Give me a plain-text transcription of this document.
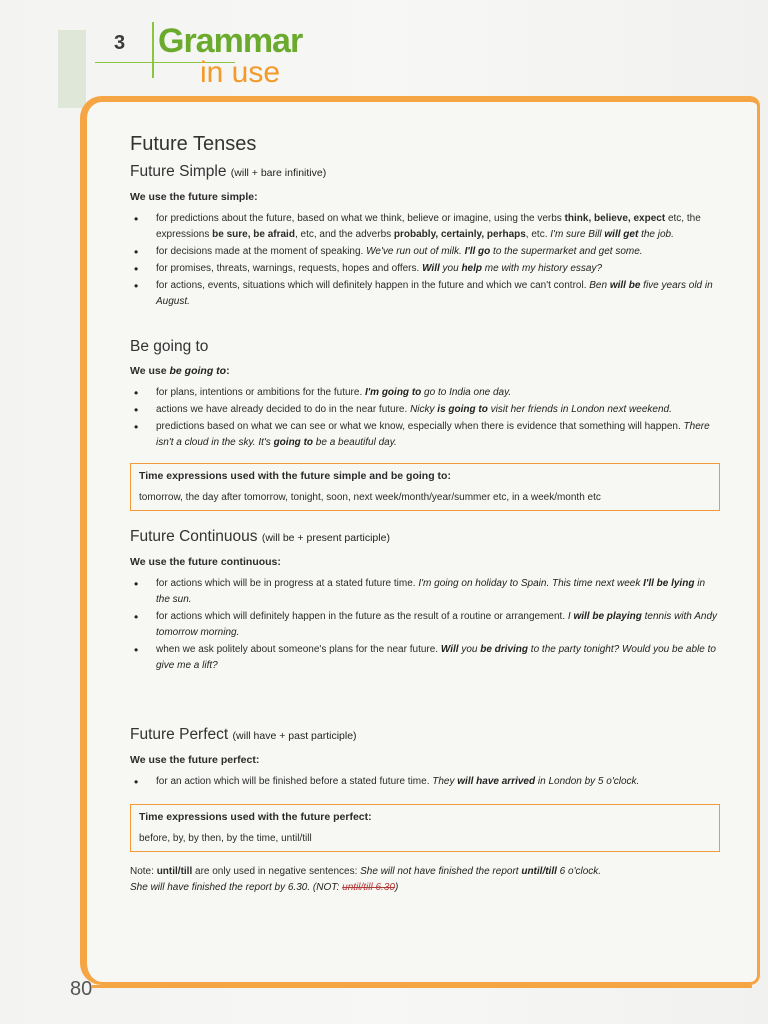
3 Grammar
in use
Future Tenses
Future Simple (will + bare infinitive)
We use the future simple:
• for predictions about the future, based on what we think, believe or imagine, using the verbs think, believe, expect etc, the expressions be sure, be afraid, etc, and the adverbs probably, certainly, perhaps, etc. I'm sure Bill will get the job.
• for decisions made at the moment of speaking. We've run out of milk. I'll go to the supermarket and get some.
• for promises, threats, warnings, requests, hopes and offers. Will you help me with my history essay?
• for actions, events, situations which will definitely happen in the future and which we can't control. Ben will be five years old in August.
Be going to
We use be going to:
• for plans, intentions or ambitions for the future. I'm going to go to India one day.
• actions we have already decided to do in the near future. Nicky is going to visit her friends in London next weekend.
• predictions based on what we can see or what we know, especially when there is evidence that something will happen. There isn't a cloud in the sky. It's going to be a beautiful day.
Time expressions used with the future simple and be going to:
tomorrow, the day after tomorrow, tonight, soon, next week/month/year/summer etc, in a week/month etc
Future Continuous (will be + present participle)
We use the future continuous:
• for actions which will be in progress at a stated future time. I'm going on holiday to Spain. This time next week I'll be lying in the sun.
• for actions which will definitely happen in the future as the result of a routine or arrangement. I will be playing tennis with Andy tomorrow morning.
• when we ask politely about someone's plans for the near future. Will you be driving to the party tonight? Would you be able to give me a lift?
Future Perfect (will have + past participle)
We use the future perfect:
• for an action which will be finished before a stated future time. They will have arrived in London by 5 o'clock.
Time expressions used with the future perfect:
before, by, by then, by the time, until/till
Note: until/till are only used in negative sentences: She will not have finished the report until/till 6 o'clock.
She will have finished the report by 6.30. (NOT: until/till 6.30)
80
